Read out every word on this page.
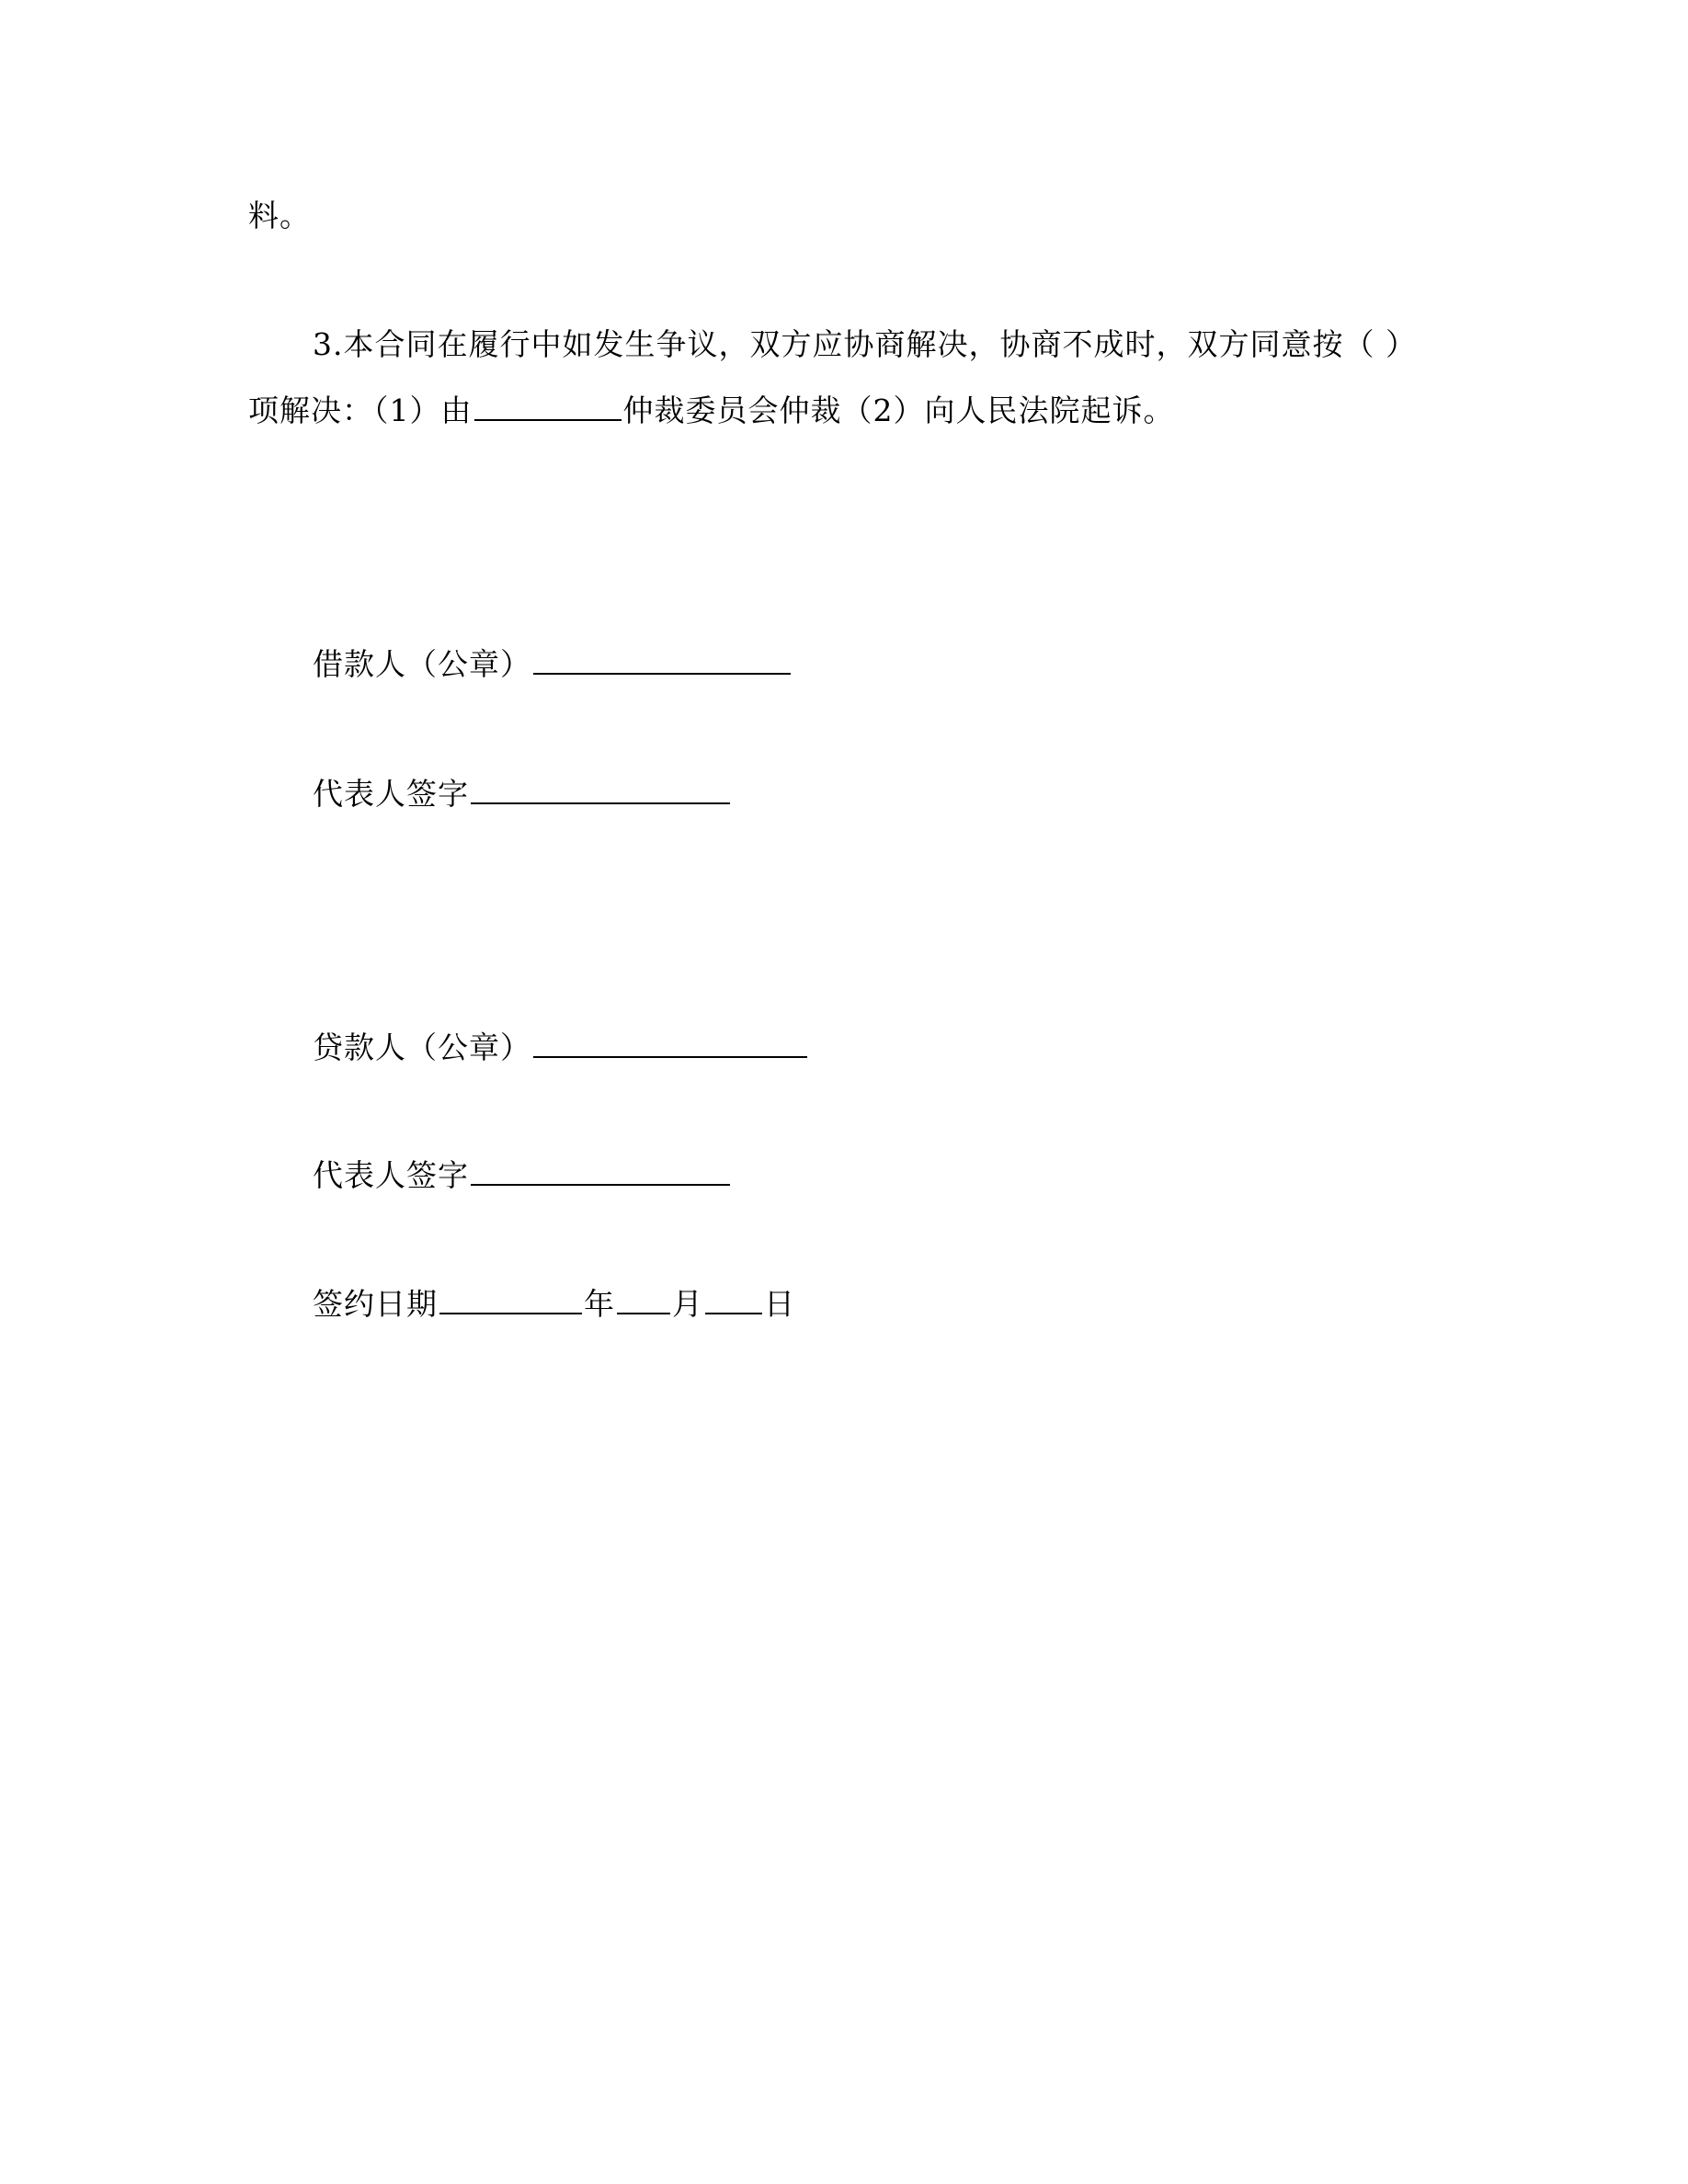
料。
3.本合同在履行中如发生争议，双方应协商解决，协商不成时，双方同意按（ ）
项解决：（1）由	仲裁委员会仲裁（2）向人民法院起诉。
借款人（公章）
代表人签字
贷款人（公章）
代表人签字
签约日期	年 月 日
